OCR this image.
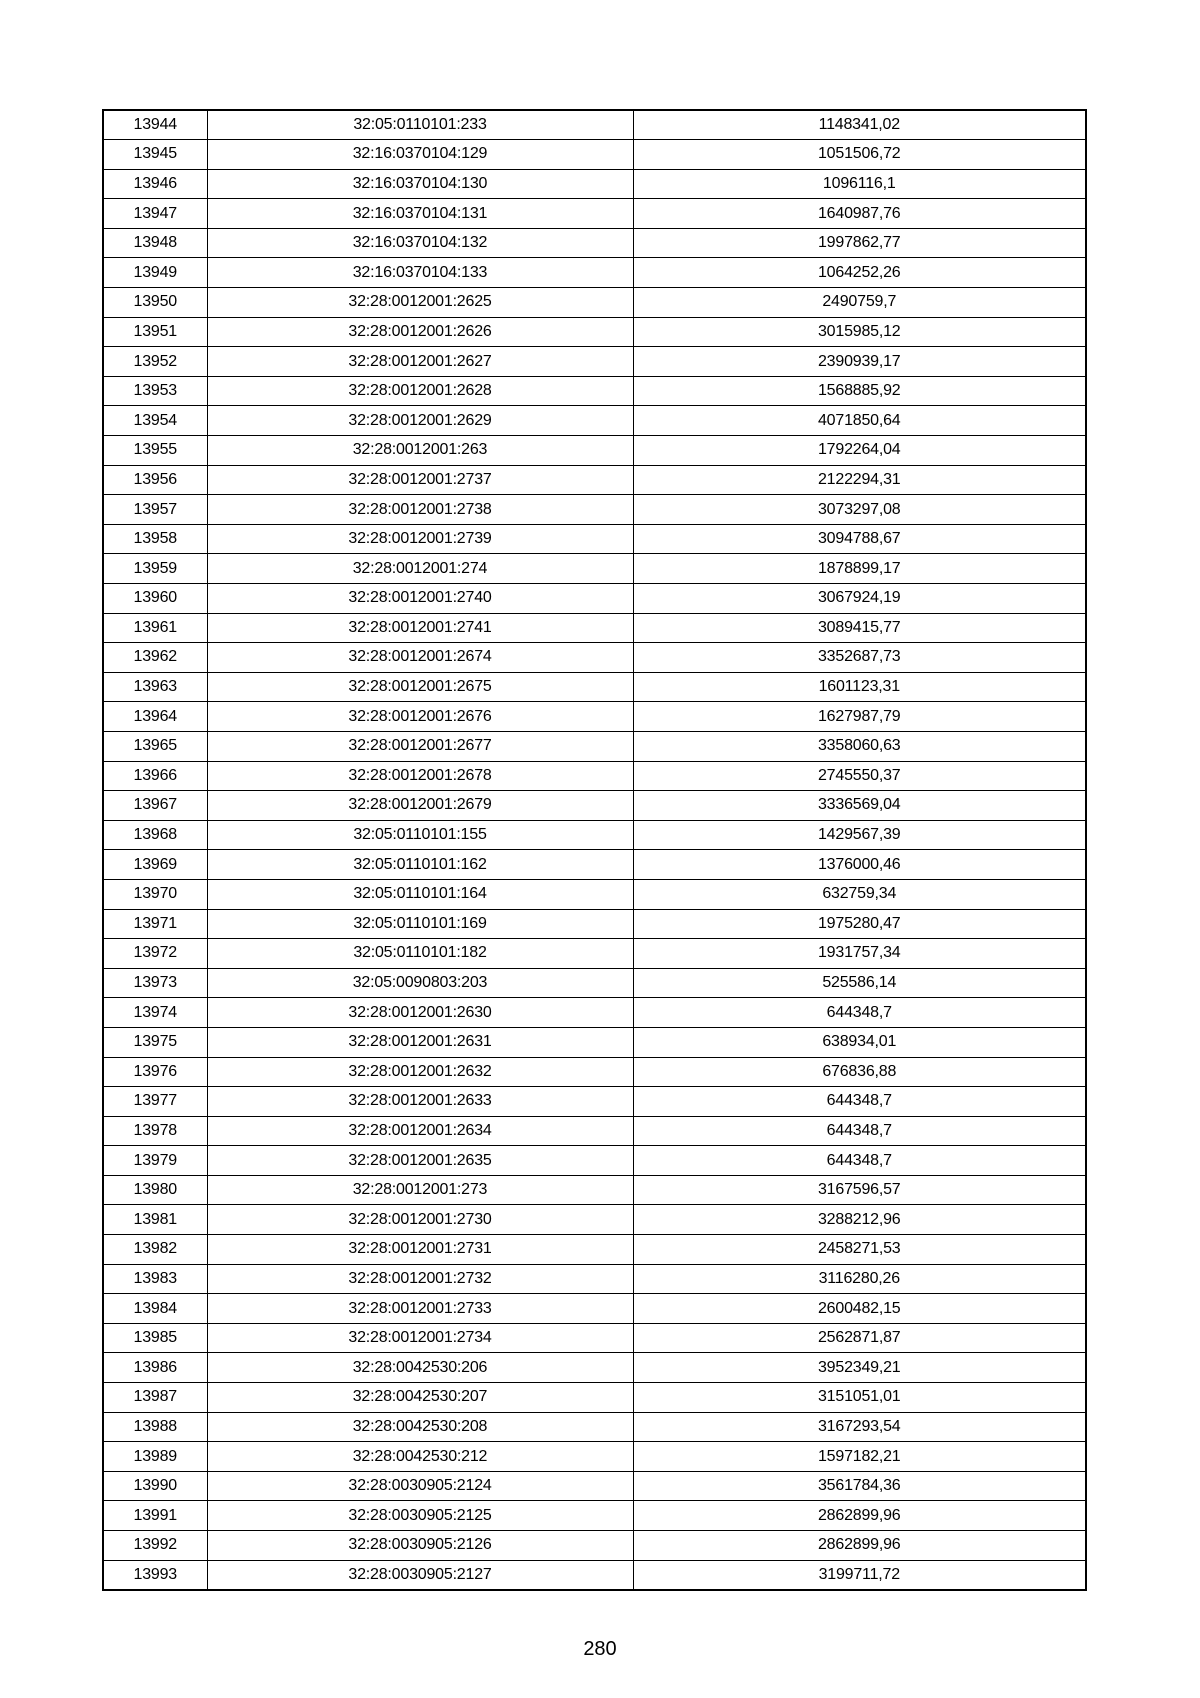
13944	32:05:0110101:233	1148341,02
13945	32:16:0370104:129	1051506,72
13946	32:16:0370104:130	1096116,1
13947	32:16:0370104:131	1640987,76
13948	32:16:0370104:132	1997862,77
13949	32:16:0370104:133	1064252,26
13950	32:28:0012001:2625	2490759,7
13951	32:28:0012001:2626	3015985,12
13952	32:28:0012001:2627	2390939,17
13953	32:28:0012001:2628	1568885,92
13954	32:28:0012001:2629	4071850,64
13955	32:28:0012001:263	1792264,04
13956	32:28:0012001:2737	2122294,31
13957	32:28:0012001:2738	3073297,08
13958	32:28:0012001:2739	3094788,67
13959	32:28:0012001:274	1878899,17
13960	32:28:0012001:2740	3067924,19
13961	32:28:0012001:2741	3089415,77
13962	32:28:0012001:2674	3352687,73
13963	32:28:0012001:2675	1601123,31
13964	32:28:0012001:2676	1627987,79
13965	32:28:0012001:2677	3358060,63
13966	32:28:0012001:2678	2745550,37
13967	32:28:0012001:2679	3336569,04
13968	32:05:0110101:155	1429567,39
13969	32:05:0110101:162	1376000,46
13970	32:05:0110101:164	632759,34
13971	32:05:0110101:169	1975280,47
13972	32:05:0110101:182	1931757,34
13973	32:05:0090803:203	525586,14
13974	32:28:0012001:2630	644348,7
13975	32:28:0012001:2631	638934,01
13976	32:28:0012001:2632	676836,88
13977	32:28:0012001:2633	644348,7
13978	32:28:0012001:2634	644348,7
13979	32:28:0012001:2635	644348,7
13980	32:28:0012001:273	3167596,57
13981	32:28:0012001:2730	3288212,96
13982	32:28:0012001:2731	2458271,53
13983	32:28:0012001:2732	3116280,26
13984	32:28:0012001:2733	2600482,15
13985	32:28:0012001:2734	2562871,87
13986	32:28:0042530:206	3952349,21
13987	32:28:0042530:207	3151051,01
13988	32:28:0042530:208	3167293,54
13989	32:28:0042530:212	1597182,21
13990	32:28:0030905:2124	3561784,36
13991	32:28:0030905:2125	2862899,96
13992	32:28:0030905:2126	2862899,96
13993	32:28:0030905:2127	3199711,72
280
